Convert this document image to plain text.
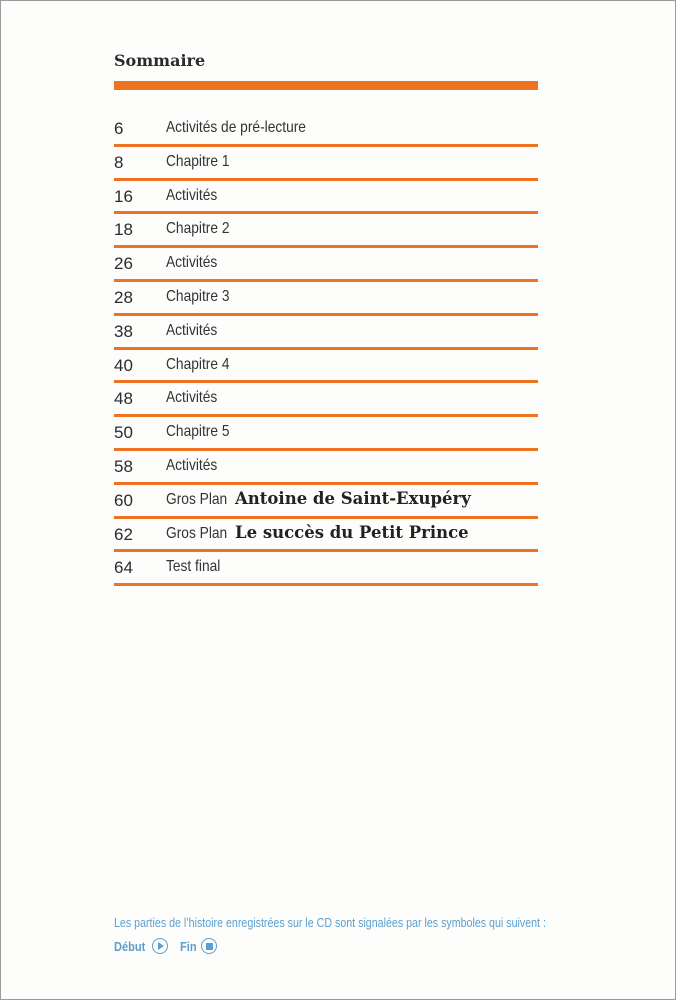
Sommaire
6	Activités de pré-lecture
8	Chapitre 1
16 Activités
18 Chapitre 2
26 Activités
28 Chapitre 3
38 Activités
40 Chapitre 4
48 Activités
50 Chapitre 5
58 Activités
60 Gros Plan Antoine de Saint-Exupéry
62 Gros Plan Le succès du Petit Prince
64 Test final
Les parties de l’histoire enregistrées sur le CD sont signalées par les symboles qui suivent :
Début	Fin
